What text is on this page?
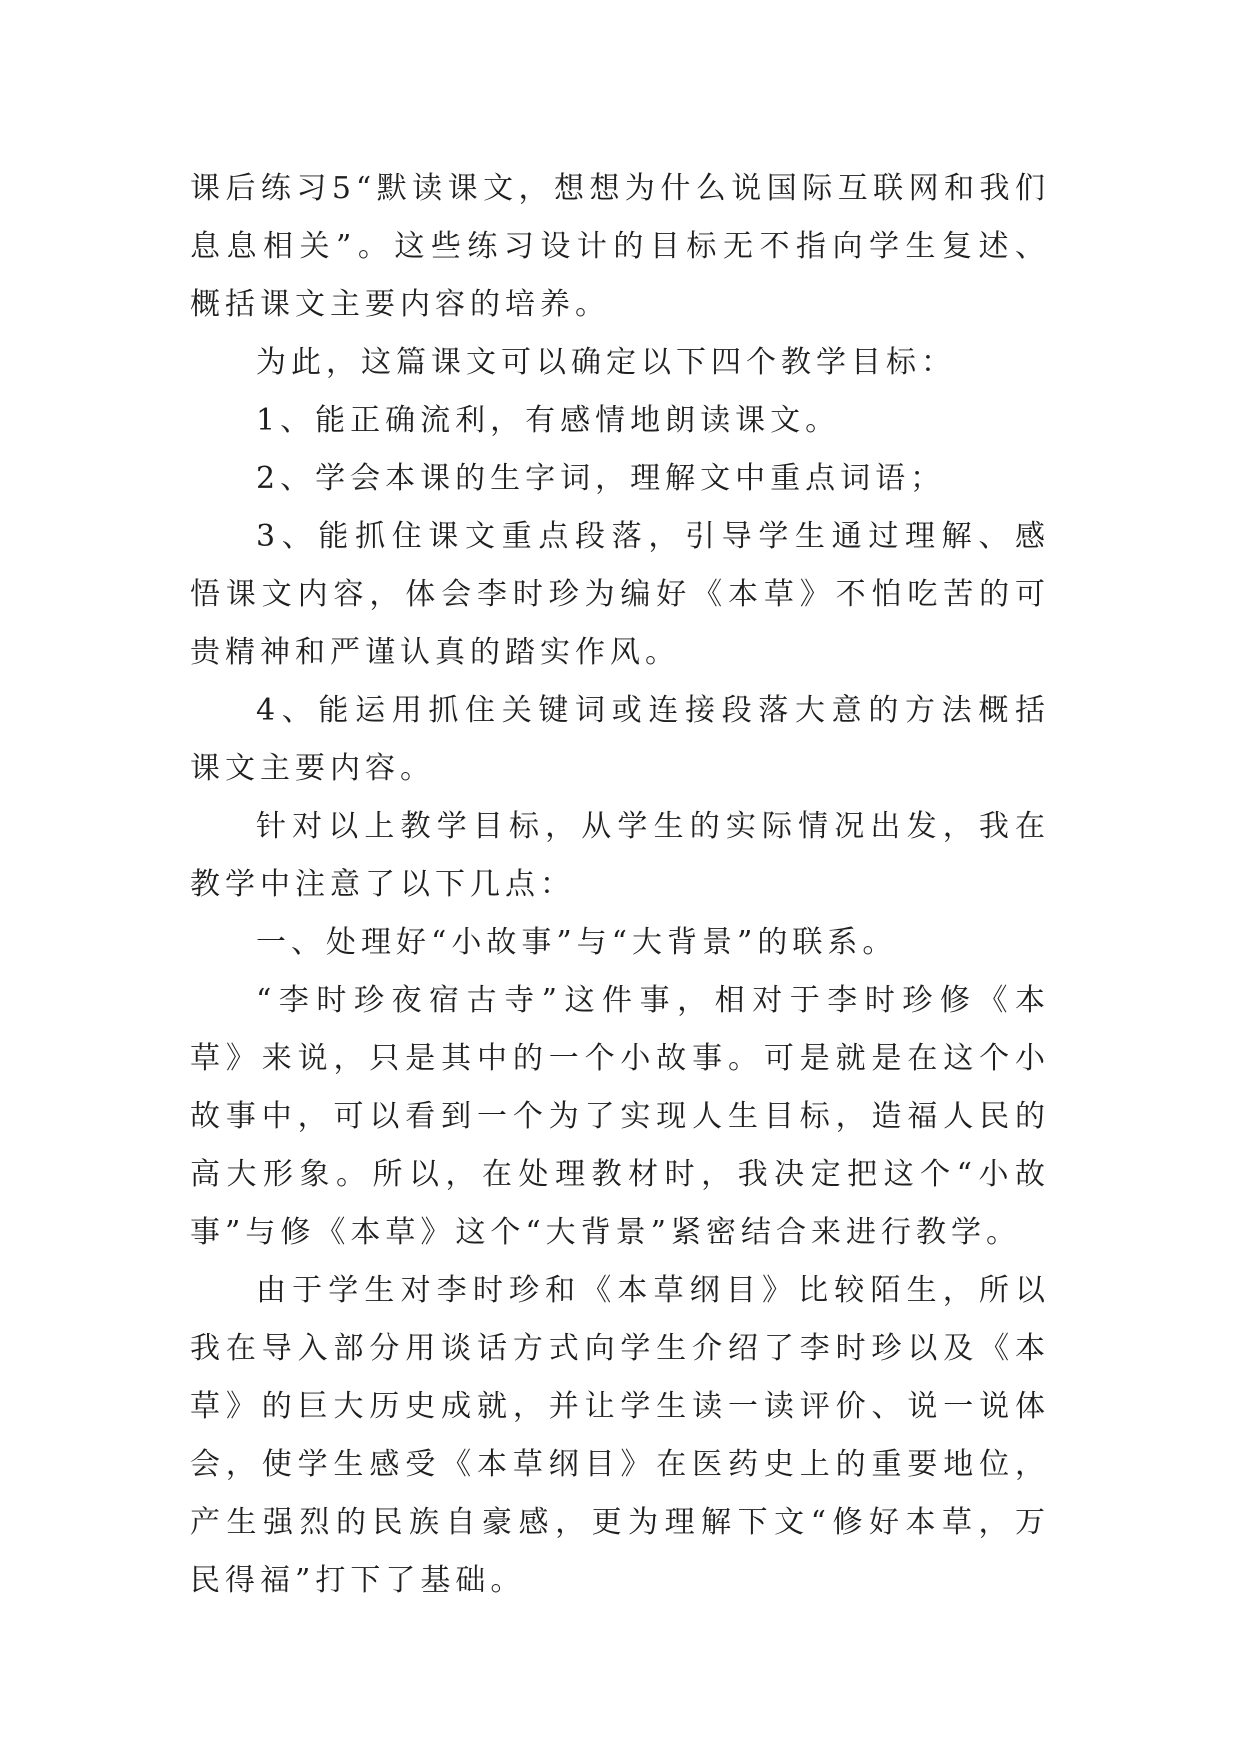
课后练习5“默读课文，想想为什么说国际互联网和我们息息相关”。这些练习设计的目标无不指向学生复述、概括课文主要内容的培养。

为此，这篇课文可以确定以下四个教学目标：

1、能正确流利，有感情地朗读课文。

2、学会本课的生字词，理解文中重点词语；

3、能抓住课文重点段落，引导学生通过理解、感悟课文内容，体会李时珍为编好《本草》不怕吃苦的可贵精神和严谨认真的踏实作风。

4、能运用抓住关键词或连接段落大意的方法概括课文主要内容。

针对以上教学目标，从学生的实际情况出发，我在教学中注意了以下几点：

一、处理好“小故事”与“大背景”的联系。

“李时珍夜宿古寺”这件事，相对于李时珍修《本草》来说，只是其中的一个小故事。可是就是在这个小故事中，可以看到一个为了实现人生目标，造福人民的高大形象。所以，在处理教材时，我决定把这个“小故事”与修《本草》这个“大背景”紧密结合来进行教学。

由于学生对李时珍和《本草纲目》比较陌生，所以我在导入部分用谈话方式向学生介绍了李时珍以及《本草》的巨大历史成就，并让学生读一读评价、说一说体会，使学生感受《本草纲目》在医药史上的重要地位，产生强烈的民族自豪感，更为理解下文“修好本草，万民得福”打下了基础。
